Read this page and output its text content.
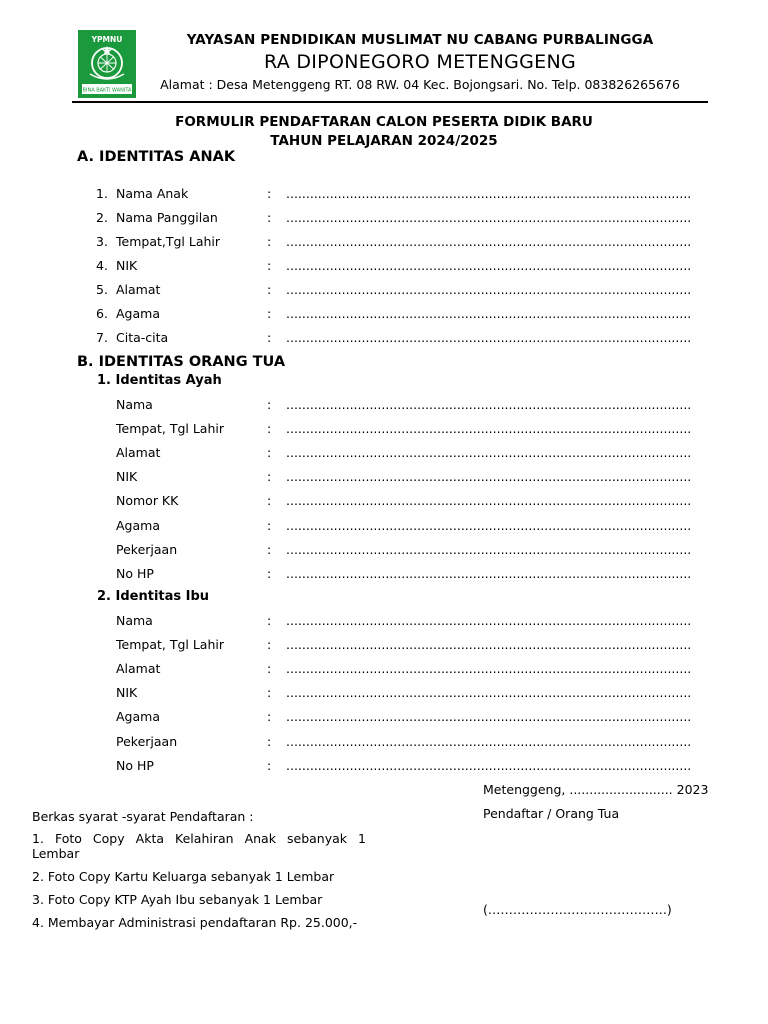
YPMNU
BINA BAKTI WANITA
YAYASAN PENDIDIKAN MUSLIMAT NU CABANG PURBALINGGA
RA DIPONEGORO METENGGENG
Alamat : Desa Metenggeng RT. 08 RW. 04 Kec. Bojongsari. No. Telp. 083826265676
FORMULIR PENDAFTARAN CALON PESERTA DIDIK BARU
TAHUN PELAJARAN 2024/2025
A. IDENTITAS ANAK
1. Nama Anak	: ......................................................................................................
2. Nama Panggilan	: ......................................................................................................
3. Tempat,Tgl Lahir	: ......................................................................................................
4. NIK	: ......................................................................................................
5. Alamat	: ......................................................................................................
6. Agama	: ......................................................................................................
7. Cita-cita	: ......................................................................................................
B. IDENTITAS ORANG TUA
1. Identitas Ayah
Nama	: ......................................................................................................
Tempat, Tgl Lahir	: ......................................................................................................
Alamat	: ......................................................................................................
NIK	: ......................................................................................................
Nomor KK	: ......................................................................................................
Agama	: ......................................................................................................
Pekerjaan	: ......................................................................................................
No HP	: ......................................................................................................
2. Identitas Ibu
Nama	: ......................................................................................................
Tempat, Tgl Lahir	: ......................................................................................................
Alamat	: ......................................................................................................
NIK	: ......................................................................................................
Agama	: ......................................................................................................
Pekerjaan	: ......................................................................................................
No HP	: ......................................................................................................
Berkas syarat -syarat Pendaftaran :
1. Foto Copy Akta Kelahiran Anak sebanyak 1 Lembar
2. Foto Copy Kartu Keluarga sebanyak 1 Lembar
3. Foto Copy KTP Ayah Ibu sebanyak 1 Lembar
4. Membayar Administrasi pendaftaran Rp. 25.000,-
Metenggeng, .......................... 2023
Pendaftar / Orang Tua
(…………………………………….)
